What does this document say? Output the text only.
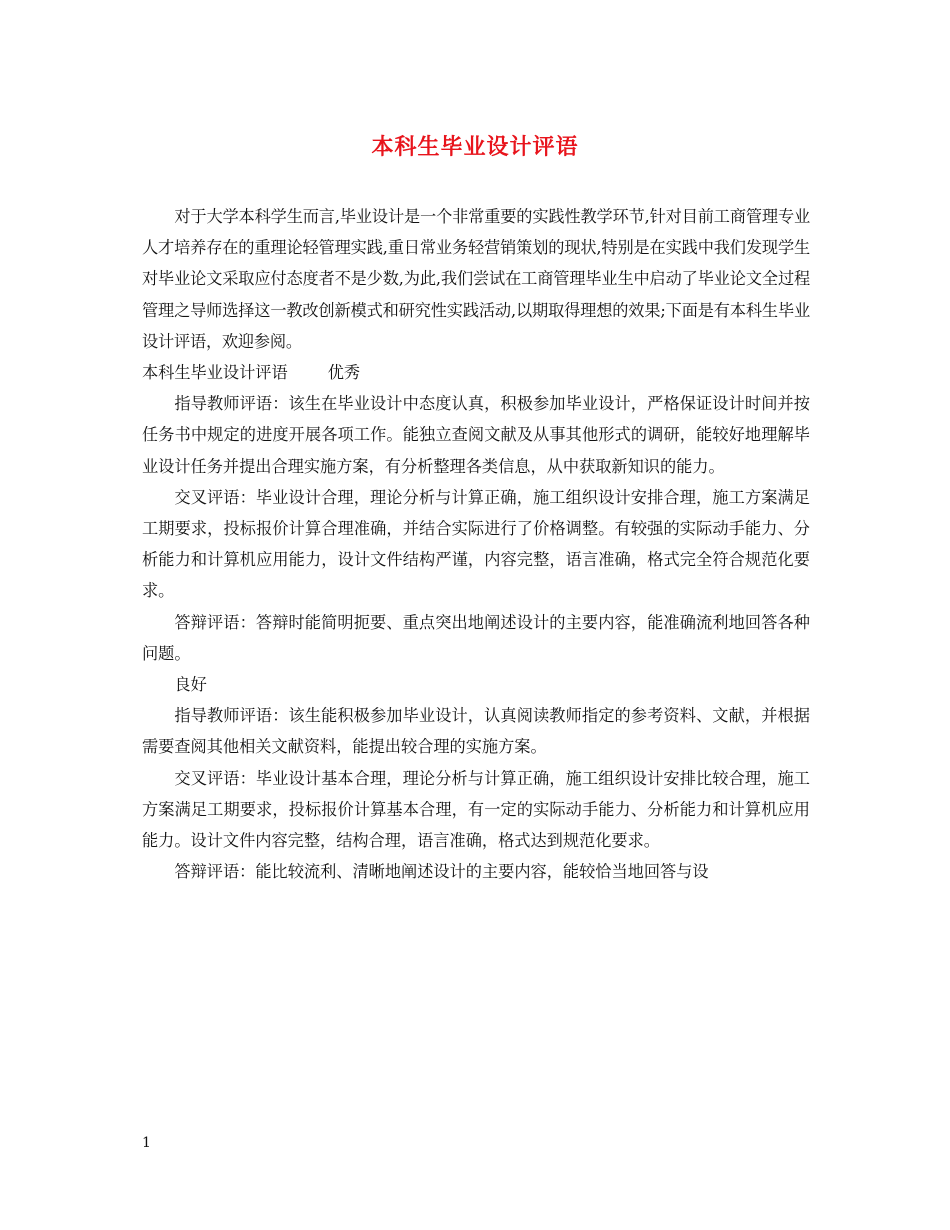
本科生毕业设计评语

对于大学本科学生而言,毕业设计是一个非常重要的实践性教学环节,针对目前工商管理专业人才培养存在的重理论轻管理实践,重日常业务轻营销策划的现状,特别是在实践中我们发现学生对毕业论文采取应付态度者不是少数,为此,我们尝试在工商管理毕业生中启动了毕业论文全过程管理之导师选择这一教改创新模式和研究性实践活动,以期取得理想的效果;下面是有本科生毕业设计评语，欢迎参阅。

本科生毕业设计评语 优秀

指导教师评语：该生在毕业设计中态度认真，积极参加毕业设计，严格保证设计时间并按任务书中规定的进度开展各项工作。能独立查阅文献及从事其他形式的调研，能较好地理解毕业设计任务并提出合理实施方案，有分析整理各类信息，从中获取新知识的能力。

交叉评语：毕业设计合理，理论分析与计算正确，施工组织设计安排合理，施工方案满足工期要求，投标报价计算合理准确，并结合实际进行了价格调整。有较强的实际动手能力、分析能力和计算机应用能力，设计文件结构严谨，内容完整，语言准确，格式完全符合规范化要求。

答辩评语：答辩时能简明扼要、重点突出地阐述设计的主要内容，能准确流利地回答各种问题。

良好

指导教师评语：该生能积极参加毕业设计，认真阅读教师指定的参考资料、文献，并根据需要查阅其他相关文献资料，能提出较合理的实施方案。

交叉评语：毕业设计基本合理，理论分析与计算正确，施工组织设计安排比较合理，施工方案满足工期要求，投标报价计算基本合理，有一定的实际动手能力、分析能力和计算机应用能力。设计文件内容完整，结构合理，语言准确，格式达到规范化要求。

答辩评语：能比较流利、清晰地阐述设计的主要内容，能较恰当地回答与设

1
